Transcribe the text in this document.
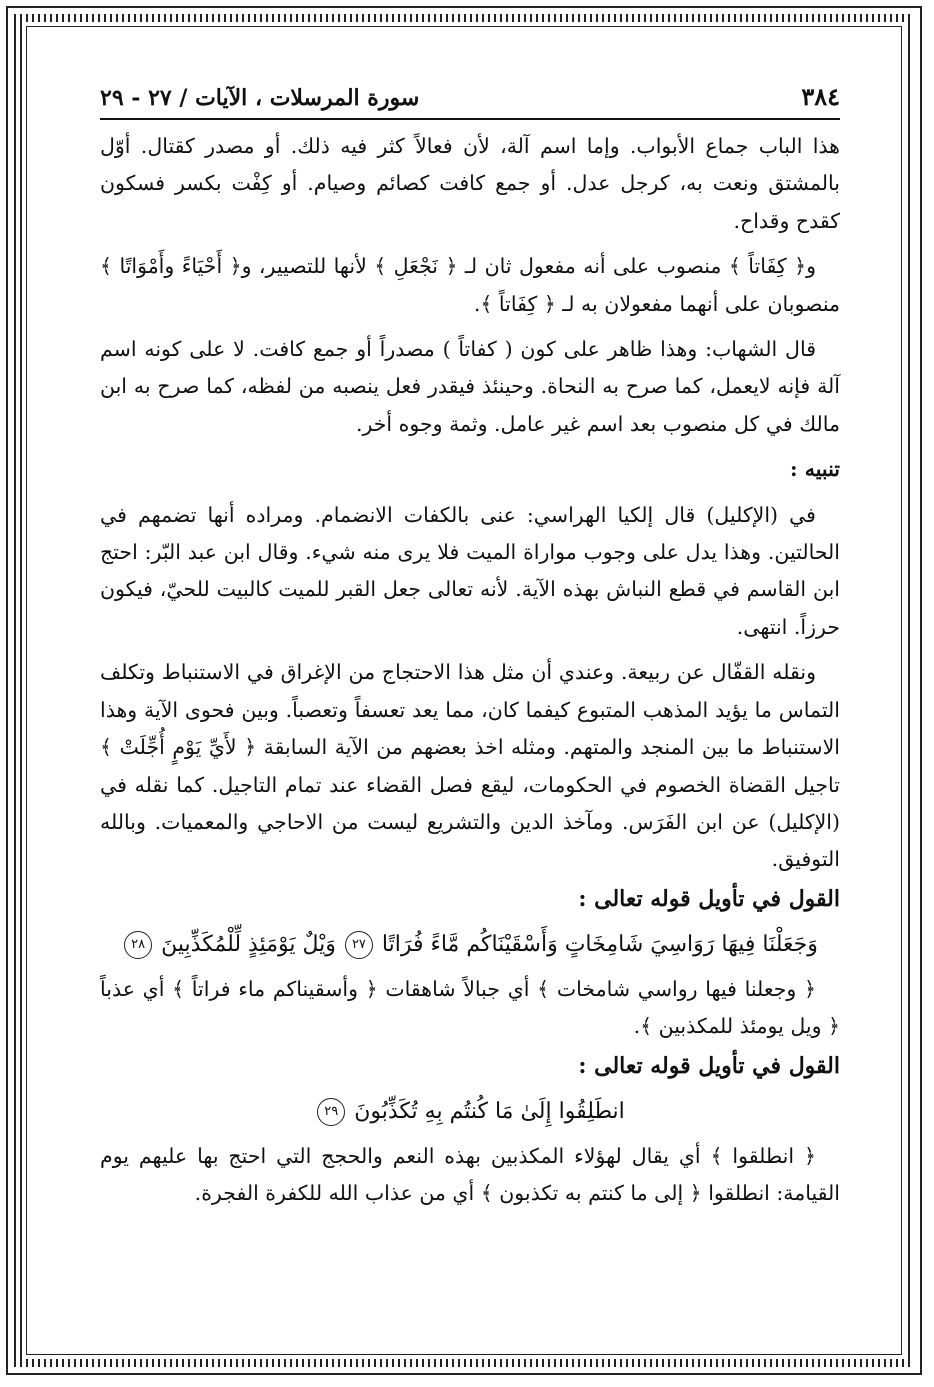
٣٨٤
سورة المرسلات ، الآيات / ٢٧ - ٢٩

هذا الباب جماع الأبواب. وإما اسم آلة، لأن فعالاً كثر فيه ذلك. أو مصدر كقتال. أوّل بالمشتق ونعت به، كرجل عدل. أو جمع كافت كصائم وصيام. أو كِفْت بكسر فسكون كقدح وقداح.

و﴿ كِفَاتاً ﴾ منصوب على أنه مفعول ثان لـ ﴿ نَجْعَلِ ﴾ لأنها للتصيير، و﴿ أَحْيَاءً وأَمْوَاتًا ﴾ منصوبان على أنهما مفعولان به لـ ﴿ كِفَاتاً ﴾.

قال الشهاب: وهذا ظاهر على كون ( كفاتاً ) مصدراً أو جمع كافت. لا على كونه اسم آلة فإنه لايعمل، كما صرح به النحاة. وحينئذ فيقدر فعل ينصبه من لفظه، كما صرح به ابن مالك في كل منصوب بعد اسم غير عامل. وثمة وجوه أخر.

تنبيه :

في (الإكليل) قال إلكيا الهراسي: عنى بالكفات الانضمام. ومراده أنها تضمهم في الحالتين. وهذا يدل على وجوب مواراة الميت فلا يرى منه شيء. وقال ابن عبد البّر: احتج ابن القاسم في قطع النباش بهذه الآية. لأنه تعالى جعل القبر للميت كالبيت للحيّ، فيكون حرزاً. انتهى.

ونقله القفّال عن ربيعة. وعندي أن مثل هذا الاحتجاج من الإغراق في الاستنباط وتكلف التماس ما يؤيد المذهب المتبوع كيفما كان، مما يعد تعسفاً وتعصباً. وبين فحوى الآية وهذا الاستنباط ما بين المنجد والمتهم. ومثله اخذ بعضهم من الآية السابقة ﴿ لأَيِّ يَوْمٍ أُجِّلَتْ ﴾ تاجيل القضاة الخصوم في الحكومات، ليقع فصل القضاء عند تمام التاجيل. كما نقله في (الإكليل) عن ابن الفَرَس. ومآخذ الدين والتشريع ليست من الاحاجي والمعميات. وبالله التوفيق.

القول في تأويل قوله تعالى :

وَجَعَلْنَا فِيهَا رَوَاسِيَ شَامِخَاتٍ وَأَسْقَيْنَاكُم مَّاءً فُرَاتًا ٢٧ وَيْلٌ يَوْمَئِذٍ لِّلْمُكَذِّبِينَ ٢٨

﴿ وجعلنا فيها رواسي شامخات ﴾ أي جبالاً شاهقات ﴿ وأسقيناكم ماء فراتاً ﴾ أي عذباً ﴿ ويل يومئذ للمكذبين ﴾.

القول في تأويل قوله تعالى :

انطَلِقُوا إِلَىٰ مَا كُنتُم بِهِ تُكَذِّبُونَ ٢٩

﴿ انطلقوا ﴾ أي يقال لهؤلاء المكذبين بهذه النعم والحجج التي احتج بها عليهم يوم القيامة: انطلقوا ﴿ إلى ما كنتم به تكذبون ﴾ أي من عذاب الله للكفرة الفجرة.
